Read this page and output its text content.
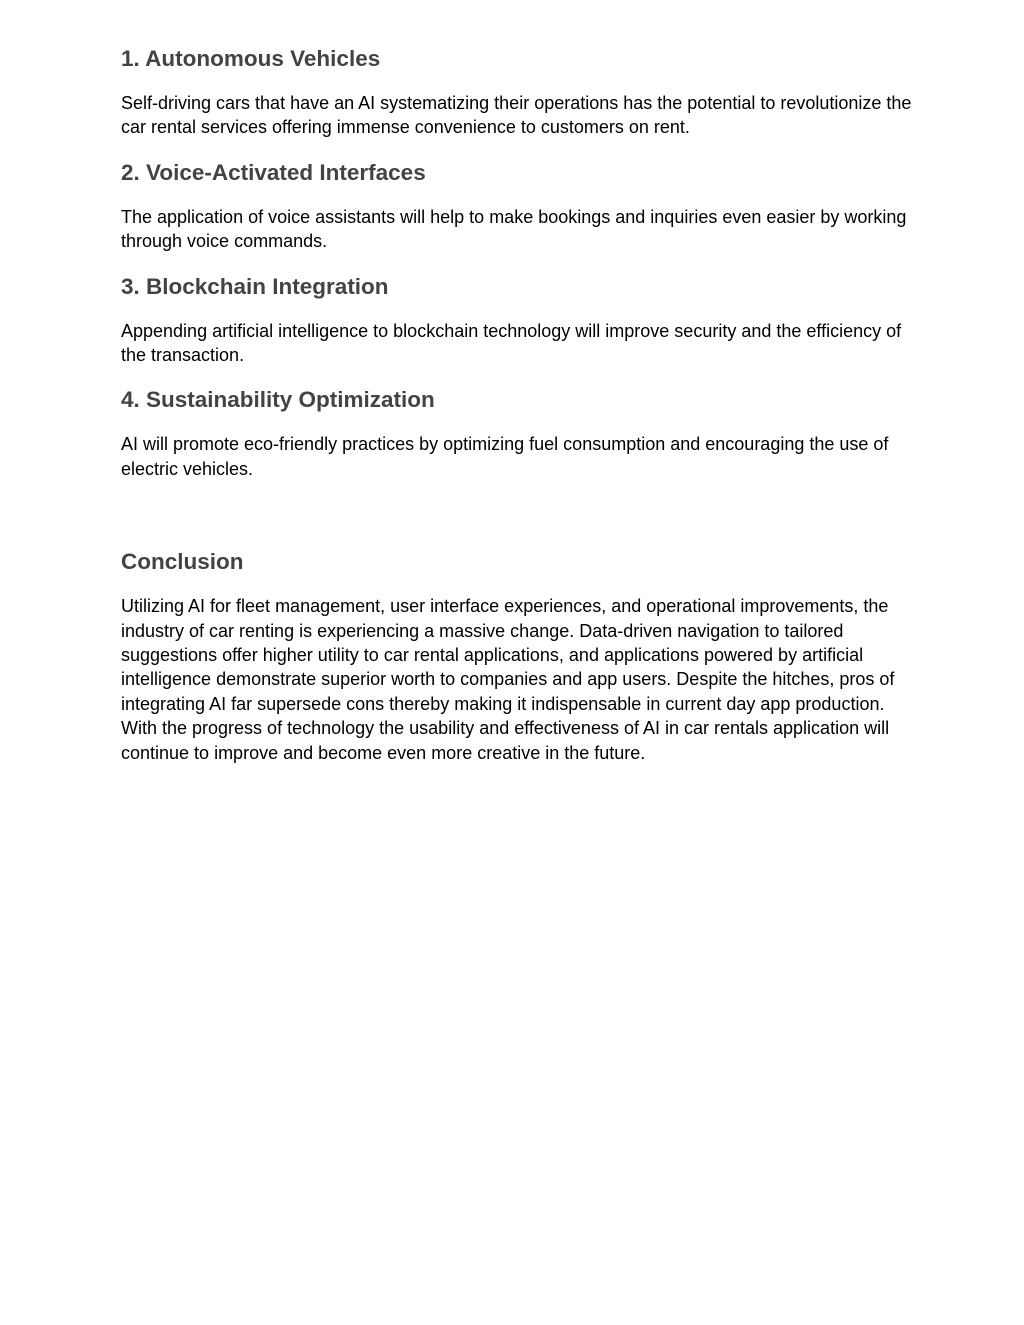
1. Autonomous Vehicles

Self-driving cars that have an AI systematizing their operations has the potential to revolutionize the car rental services offering immense convenience to customers on rent.

2. Voice-Activated Interfaces

The application of voice assistants will help to make bookings and inquiries even easier by working through voice commands.

3. Blockchain Integration

Appending artificial intelligence to blockchain technology will improve security and the efficiency of the transaction.

4. Sustainability Optimization

AI will promote eco-friendly practices by optimizing fuel consumption and encouraging the use of electric vehicles.

Conclusion

Utilizing AI for fleet management, user interface experiences, and operational improvements, the industry of car renting is experiencing a massive change. Data-driven navigation to tailored suggestions offer higher utility to car rental applications, and applications powered by artificial intelligence demonstrate superior worth to companies and app users. Despite the hitches, pros of integrating AI far supersede cons thereby making it indispensable in current day app production. With the progress of technology the usability and effectiveness of AI in car rentals application will continue to improve and become even more creative in the future.
